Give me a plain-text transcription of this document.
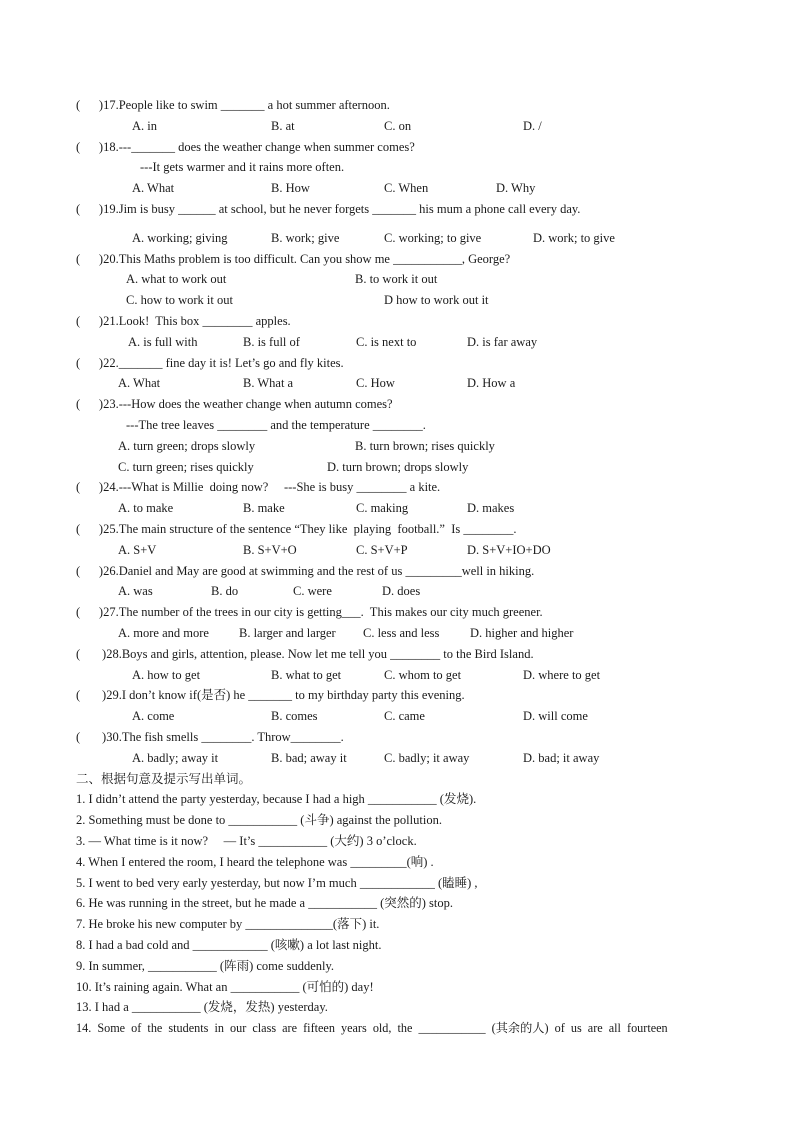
(      )17.People like to swim _______ a hot summer afternoon.
A. in	B. at	C. on	D. /
(      )18.---_______ does the weather change when summer comes?
---It gets warmer and it rains more often.
A. What	B. How	C. When	D. Why
(      )19.Jim is busy ______ at school, but he never forgets _______ his mum a phone call every day.
A. working; giving	B. work; give	C. working; to give	D. work; to give
(      )20.This Maths problem is too difficult. Can you show me ___________, George?
A. what to work out	B. to work it out
C. how to work it out	D how to work out it
(      )21.Look!  This box ________ apples.
A. is full with	B. is full of	C. is next to	D. is far away
(      )22._______ fine day it is! Let’s go and fly kites.
A. What	B. What a	C. How	D. How a
(      )23.---How does the weather change when autumn comes?
---The tree leaves ________ and the temperature ________.
A. turn green; drops slowly	B. turn brown; rises quickly
C. turn green; rises quickly	D. turn brown; drops slowly
(      )24.---What is Millie  doing now?     ---She is busy ________ a kite.
A. to make	B. make	C. making	D. makes
(      )25.The main structure of the sentence “They like  playing  football.”  Is ________.
A. S+V	B. S+V+O	C. S+V+P	D. S+V+IO+DO
(      )26.Daniel and May are good at swimming and the rest of us _________well in hiking.
A. was	B. do	C. were	D. does
(      )27.The number of the trees in our city is getting___.  This makes our city much greener.
A. more and more B. larger and larger C. less and less D. higher and higher
(       )28.Boys and girls, attention, please. Now let me tell you ________ to the Bird Island.
A. how to get	B. what to get	C. whom to get	D. where to get
(       )29.I don’t know if(是否) he _______ to my birthday party this evening.
A. come	B. comes	C. came	D. will come
(       )30.The fish smells ________. Throw________.
A. badly; away it	B. bad; away it	C. badly; it away	D. bad; it away
二、根据句意及提示写出单词。
1. I didn’t attend the party yesterday, because I had a high ___________ (发烧).
2. Something must be done to ___________ (斗争) against the pollution.
3. — What time is it now?     — It’s ___________ (大约) 3 o’clock.
4. When I entered the room, I heard the telephone was _________(响) .
5. I went to bed very early yesterday, but now I’m much ____________ (瞌睡) ,
6. He was running in the street, but he made a ___________ (突然的) stop.
7. He broke his new computer by ______________(落下) it.
8. I had a bad cold and ____________ (咳嗽) a lot last night.
9. In summer, ___________ (阵雨) come suddenly.
10. It’s raining again. What an ___________ (可怕的) day!
13. I had a ___________ (发烧，发热) yesterday.
14.  Some  of  the  students  in  our  class  are  fifteen  years  old,  the  ___________  (其余的人)  of  us  are  all  fourteen
